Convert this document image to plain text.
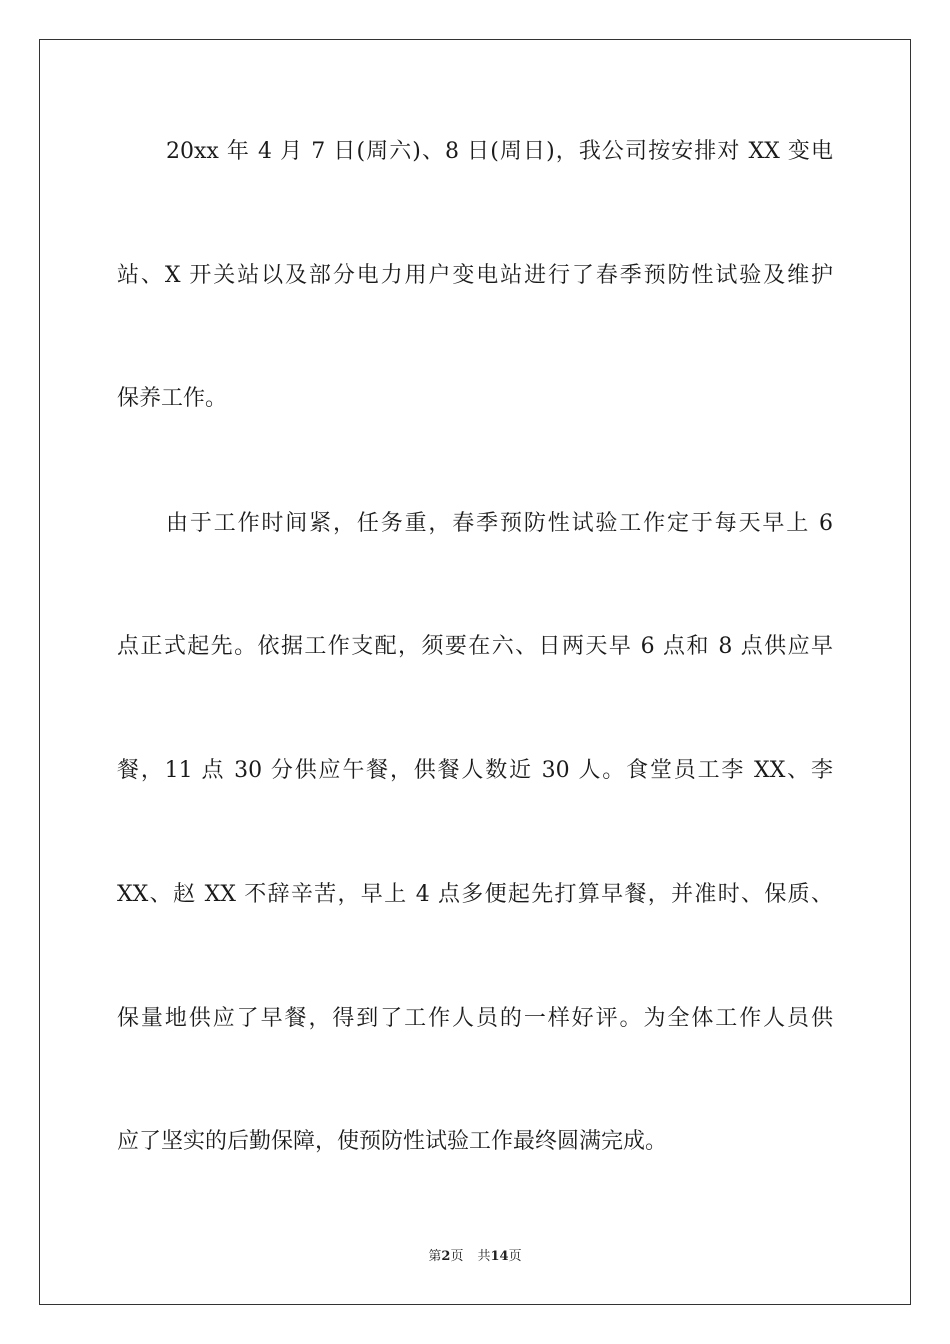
20xx 年 4 月 7 日(周六)、8 日(周日)，我公司按安排对 XX 变电
站、X 开关站以及部分电力用户变电站进行了春季预防性试验及维护
保养工作。
由于工作时间紧，任务重，春季预防性试验工作定于每天早上 6
点正式起先。依据工作支配，须要在六、日两天早 6 点和 8 点供应早
餐，11 点 30 分供应午餐，供餐人数近 30 人。食堂员工李 XX、李
XX、赵 XX 不辞辛苦，早上 4 点多便起先打算早餐，并准时、保质、
保量地供应了早餐，得到了工作人员的一样好评。为全体工作人员供
应了坚实的后勤保障，使预防性试验工作最终圆满完成。
第2页 共14页
